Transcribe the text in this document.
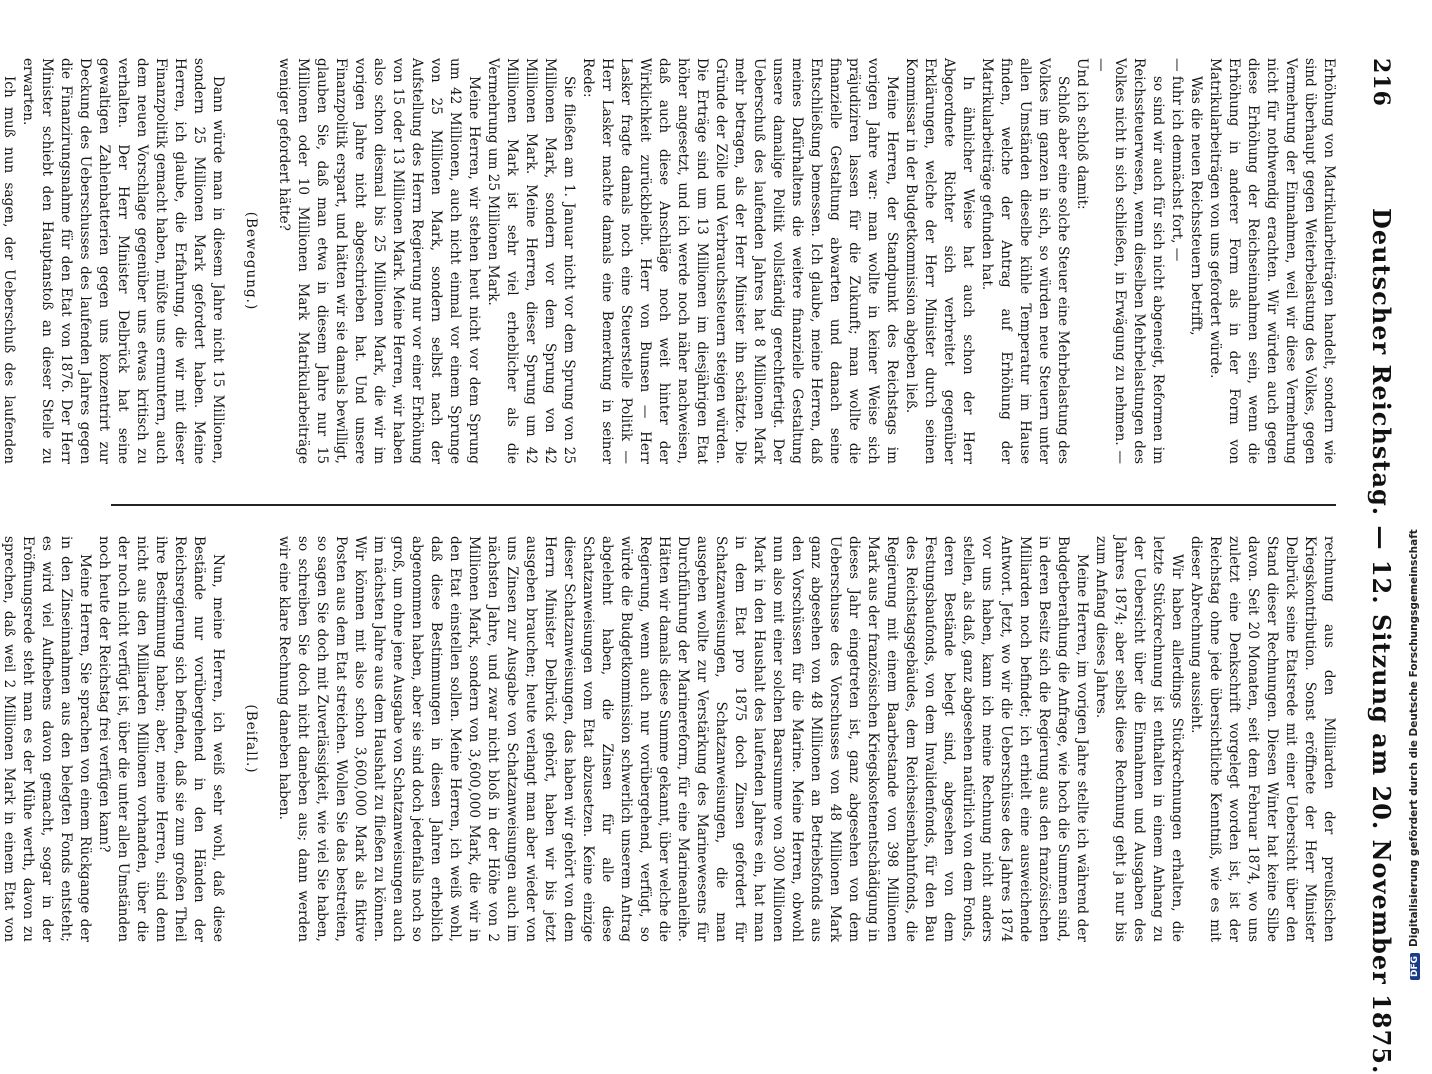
216
Deutscher Reichstag. — 12. Sitzung am 20. November 1875.

Erhöhung von Matrikularbeiträgen handelt, sondern wie sind überhaupt gegen Weiterbelastung des Volkes, gegen Vermehrung der Einnahmen, weil wir diese Vermehrung nicht für nothwendig erachten. Wir würden auch gegen diese Erhöhung der Reichseinnahmen sein, wenn die Erhöhung in anderer Form als in der Form von Matrikularbeiträgen von uns gefordert würde.

Was die neuen Reichssteuern betrifft,

— fuhr ich demnächst fort, —

so sind wir auch für sich nicht abgeneigt, Reformen im Reichssteuerwesen, wenn dieselben Mehrbelastungen des Volkes nicht in sich schließen, in Erwägung zu nehmen. — —

Und ich schloß damit:

Schloß aber eine solche Steuer eine Mehrbelastung des Volkes im ganzen in sich, so würden neue Steuern unter allen Umständen dieselbe kühle Temperatur im Hause finden, welche der Antrag auf Erhöhung der Matrikularbeiträge gefunden hat.

In ähnlicher Weise hat auch schon der Herr Abgeordnete Richter sich verbreitet gegenüber Erklärungen, welche der Herr Minister durch seinen Kommissar in der Budgetkommission abgeben ließ.

Meine Herren, der Standpunkt des Reichstags im vorigen Jahre war: man wollte in keiner Weise sich präjudiziren lassen für die Zukunft; man wollte die finanzielle Gestaltung abwarten und danach seine Entschließung bemessen. Ich glaube, meine Herren, daß meines Dafürhaltens die weitere finanzielle Gestaltung unsere damalige Politik vollständig gerechtfertigt. Der Ueberschuß des laufenden Jahres hat 8 Millionen Mark mehr betragen, als der Herr Minister ihn schätzte. Die Gründe der Zölle und Verbrauchssteuern steigen würden. Die Erträge sind um 13 Millionen im diesjährigen Etat höher angesetzt, und ich werde noch näher nachweisen, daß auch diese Anschläge noch weit hinter der Wirklichkeit zurückbleibt. Herr von Bunsen — Herr Lasker fragte damals noch eine Steuerstelle Politik — Herr Lasker machte damals eine Bemerkung in seiner Rede:

Sie fließen am 1. Januar nicht vor dem Sprung von 25 Millionen Mark, sondern vor dem Sprung von 42 Millionen Mark. Meine Herren, dieser Sprung um 42 Millionen Mark ist sehr viel erheblicher als die Vermehrung um 25 Millionen Mark.

Meine Herren, wir stehen heut nicht vor dem Sprung um 42 Millionen, auch nicht einmal vor einem Sprunge von 25 Millionen Mark, sondern selbst nach der Aufstellung des Herrn Regierung nur vor einer Erhöhung von 15 oder 13 Millionen Mark. Meine Herren, wir haben also schon diesmal bis 25 Millionen Mark, die wir im vorigen Jahre nicht abgeschrieben hat. Und unsere Finanzpolitik erspart, und hätten wir sie damals bewilligt, glauben Sie, daß man etwa in diesem Jahre nur 15 Millionen oder 10 Millionen Mark Matrikularbeiträge weniger gefordert hätte?

(Bewegung.)

Dann würde man in diesem Jahre nicht 15 Millionen, sondern 25 Millionen Mark gefordert haben. Meine Herren, ich glaube, die Erfahrung, die wir mit dieser Finanzpolitik gemacht haben, müßte uns ermuntern, auch dem neuen Vorschlage gegenüber uns etwas kritisch zu verhalten. Der Herr Minister Delbrück hat seine gewaltigen Zahlenbatterien gegen uns konzentrirt zur Deckung des Ueberschusses des laufenden Jahres gegen die Finanzirungsnahme für den Etat von 1876. Der Herr Minister schiebt den Hauptanstoß an dieser Stelle zu erwarten.

Ich muß nun sagen, der Ueberschuß des laufenden

rechnung aus den Milliarden der preußischen Kriegskontribution. Sonst eröffnete der Herr Minister Delbrück seine Etatsrede mit einer Uebersicht über den Stand dieser Rechnungen. Diesen Winter hat keine Silbe davon. Seit 20 Monaten, seit dem Februar 1874, wo uns zuletzt eine Denkschrift vorgelegt worden ist, ist der Reichstag ohne jede übersichtliche Kenntniß, wie es mit dieser Abrechnung aussieht.

Wir haben allerdings Stückrechnungen erhalten, die letzte Stückrechnung ist enthalten in einem Anhang zu der Uebersicht über die Einnahmen und Ausgaben des Jahres 1874; aber selbst diese Rechnung geht ja nur bis zum Anfang dieses Jahres.

Meine Herren, im vorigen Jahre stellte ich während der Budgetberathung die Anfrage, wie hoch die Summen sind, in deren Besitz sich die Regierung aus den französischen Milliarden noch befindet; ich erhielt eine ausweichende Antwort. Jetzt, wo wir die Ueberschüsse des Jahres 1874 vor uns haben, kann ich meine Rechnung nicht anders stellen, als daß, ganz abgesehen natürlich von dem Fonds, deren Bestände belegt sind, abgesehen von dem Festungsbaufonds, von dem Invalidenfonds, für den Bau des Reichstagsgebäudes, dem Reichseisenbahnfonds, die Regierung mit einem Baarbestande von 398 Millionen Mark aus der französischen Kriegskostenentschädigung in dieses Jahr eingetreten ist, ganz abgesehen von dem Ueberschusse des Vorschusses von 48 Millionen Mark ganz abgesehen von 48 Millionen an Betriebsfonds aus den Vorschüssen für die Marine. Meine Herren, obwohl nun also mit einer solchen Baarsumme von 300 Millionen Mark in den Haushalt des laufenden Jahres ein, hat man in dem Etat pro 1875 doch Zinsen gefordert für Schatzanweisungen, Schatzanweisungen, die man ausgeben wollte zur Verstärkung des Marinewesens für Durchführung der Marinereform, für eine Marineanleihe. Hätten wir damals diese Summe gekannt, über welche die Regierung, wenn auch nur vorübergehend, verfügt, so würde die Budgetkommission schwerlich unserem Antrag abgelehnt haben, die Zinsen für alle diese Schatzanweisungen vom Etat abzusetzen. Keine einzige dieser Schatzanweisungen, das haben wir gehört von dem Herrn Minister Delbrück gehört, haben wir bis jetzt ausgeben brauchen; heute verlangt man aber wieder von uns Zinsen zur Ausgabe von Schatzanweisungen auch im nächsten Jahre, und zwar nicht bloß in der Höhe von 2 Millionen Mark, sondern von 3,600,000 Mark, die wir in den Etat einstellen sollen. Meine Herren, ich weiß wohl, daß diese Bestimmungen in diesen Jahren erheblich abgenommen haben, aber sie sind doch jedenfalls noch so groß, um ohne jene Ausgabe von Schatzanweisungen auch im nächsten Jahre aus dem Haushalt zu fließen zu können. Wir können mit also schon 3,600,000 Mark als fiktive Posten aus dem Etat streichen. Wollen Sie das bestreiten, so sagen Sie doch mit Zuverlässigkeit, wie viel Sie haben, so schreiben Sie doch nicht daneben aus; dann werden wir eine klare Rechnung daneben haben.

(Beifall.)

Nun, meine Herren, ich weiß sehr wohl, daß diese Bestände nur vorübergehend in den Händen der Reichsregierung sich befinden, daß sie zum großen Theil ihre Bestimmung haben; aber, meine Herren, sind denn nicht aus den Milliarden Millionen vorhanden, über die der noch nicht verfügt ist, über die unter allen Umständen noch heute der Reichstag frei verfügen kann?

Meine Herren, Sie sprachen von einem Rückgange der in den Zinseinnahmen aus den belegten Fonds entsteht; es wird viel Aufhebens davon gemacht, sogar in der Eröffnungsrede steht man es der Mühe werth, davon zu sprechen, daß weil 2 Millionen Mark in einem Etat von

DFGDigitalisierung gefördert durch die Deutsche Forschungsgemeinschaft
